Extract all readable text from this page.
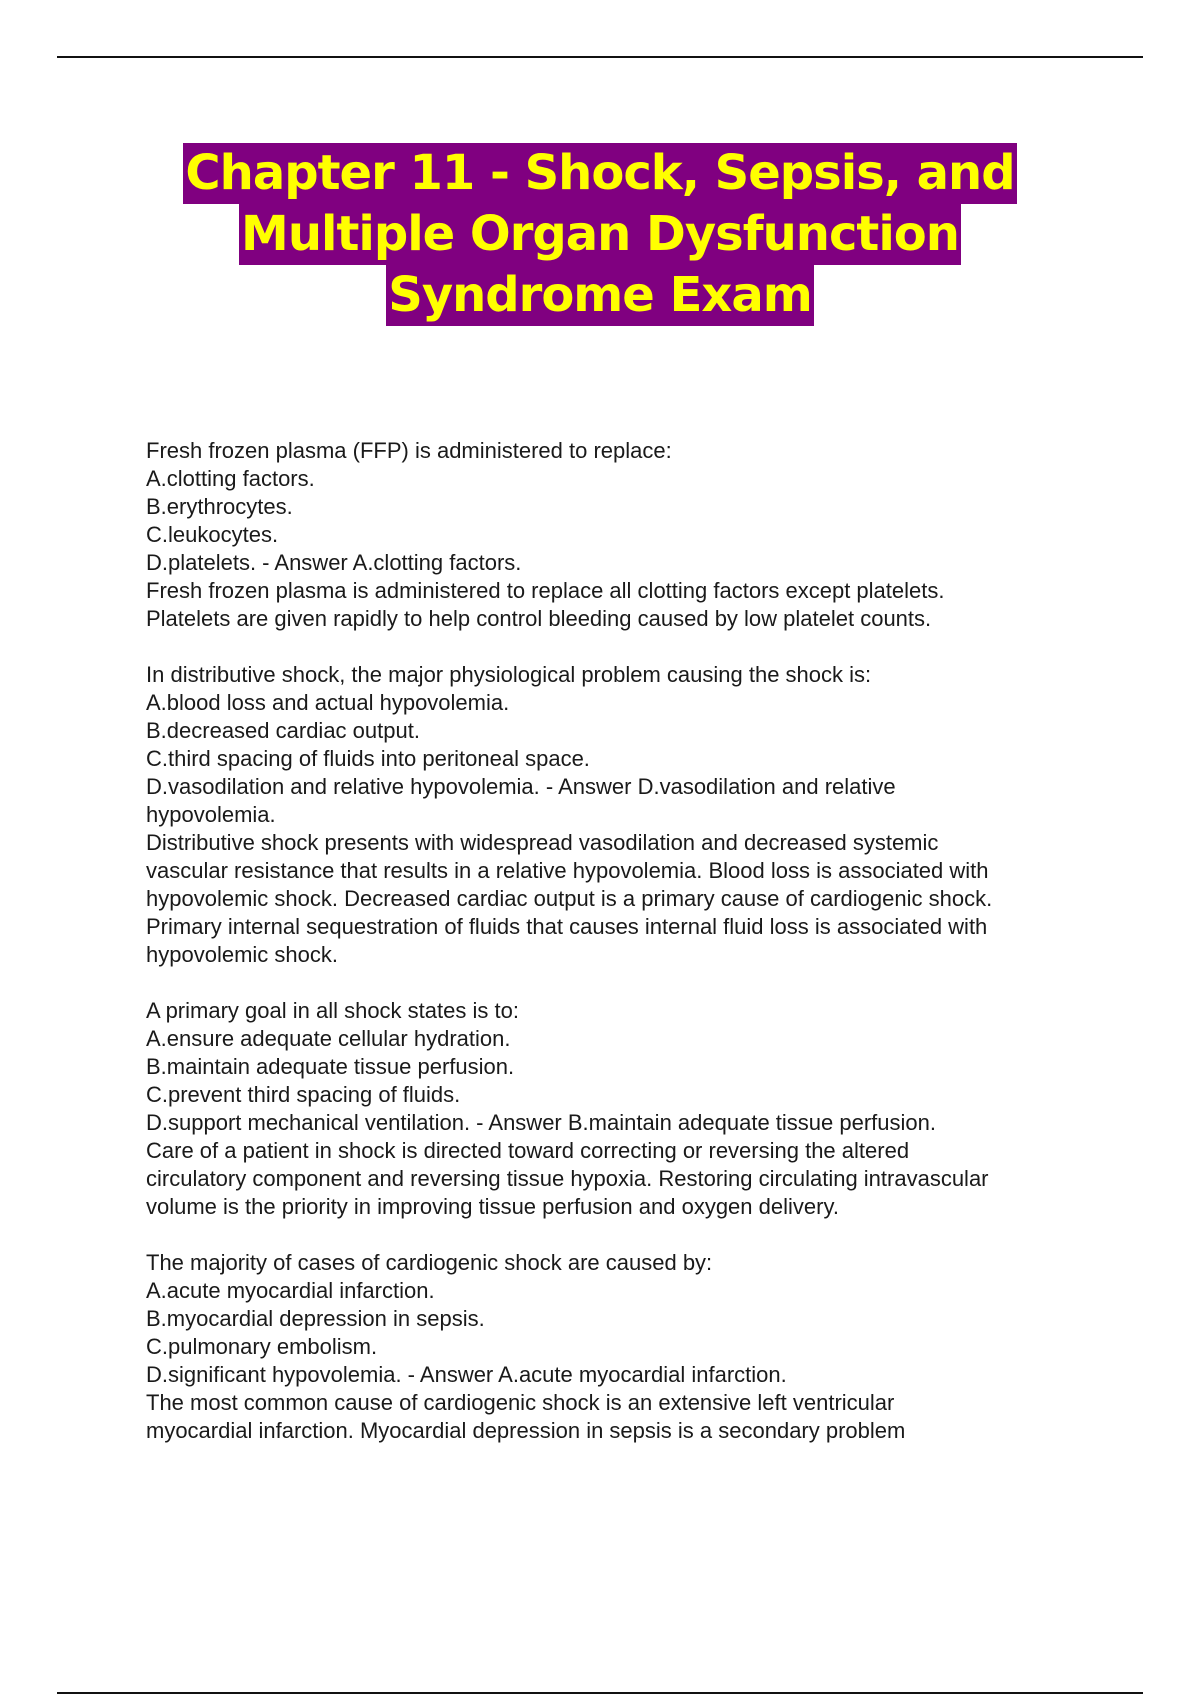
Chapter 11 - Shock, Sepsis, and
Multiple Organ Dysfunction
Syndrome Exam
Fresh frozen plasma (FFP) is administered to replace:
A.clotting factors.
B.erythrocytes.
C.leukocytes.
D.platelets. - Answer A.clotting factors.
Fresh frozen plasma is administered to replace all clotting factors except platelets.
Platelets are given rapidly to help control bleeding caused by low platelet counts.
In distributive shock, the major physiological problem causing the shock is:
A.blood loss and actual hypovolemia.
B.decreased cardiac output.
C.third spacing of fluids into peritoneal space.
D.vasodilation and relative hypovolemia. - Answer D.vasodilation and relative
hypovolemia.
Distributive shock presents with widespread vasodilation and decreased systemic
vascular resistance that results in a relative hypovolemia. Blood loss is associated with
hypovolemic shock. Decreased cardiac output is a primary cause of cardiogenic shock.
Primary internal sequestration of fluids that causes internal fluid loss is associated with
hypovolemic shock.
A primary goal in all shock states is to:
A.ensure adequate cellular hydration.
B.maintain adequate tissue perfusion.
C.prevent third spacing of fluids.
D.support mechanical ventilation. - Answer B.maintain adequate tissue perfusion.
Care of a patient in shock is directed toward correcting or reversing the altered
circulatory component and reversing tissue hypoxia. Restoring circulating intravascular
volume is the priority in improving tissue perfusion and oxygen delivery.
The majority of cases of cardiogenic shock are caused by:
A.acute myocardial infarction.
B.myocardial depression in sepsis.
C.pulmonary embolism.
D.significant hypovolemia. - Answer A.acute myocardial infarction.
The most common cause of cardiogenic shock is an extensive left ventricular
myocardial infarction. Myocardial depression in sepsis is a secondary problem
